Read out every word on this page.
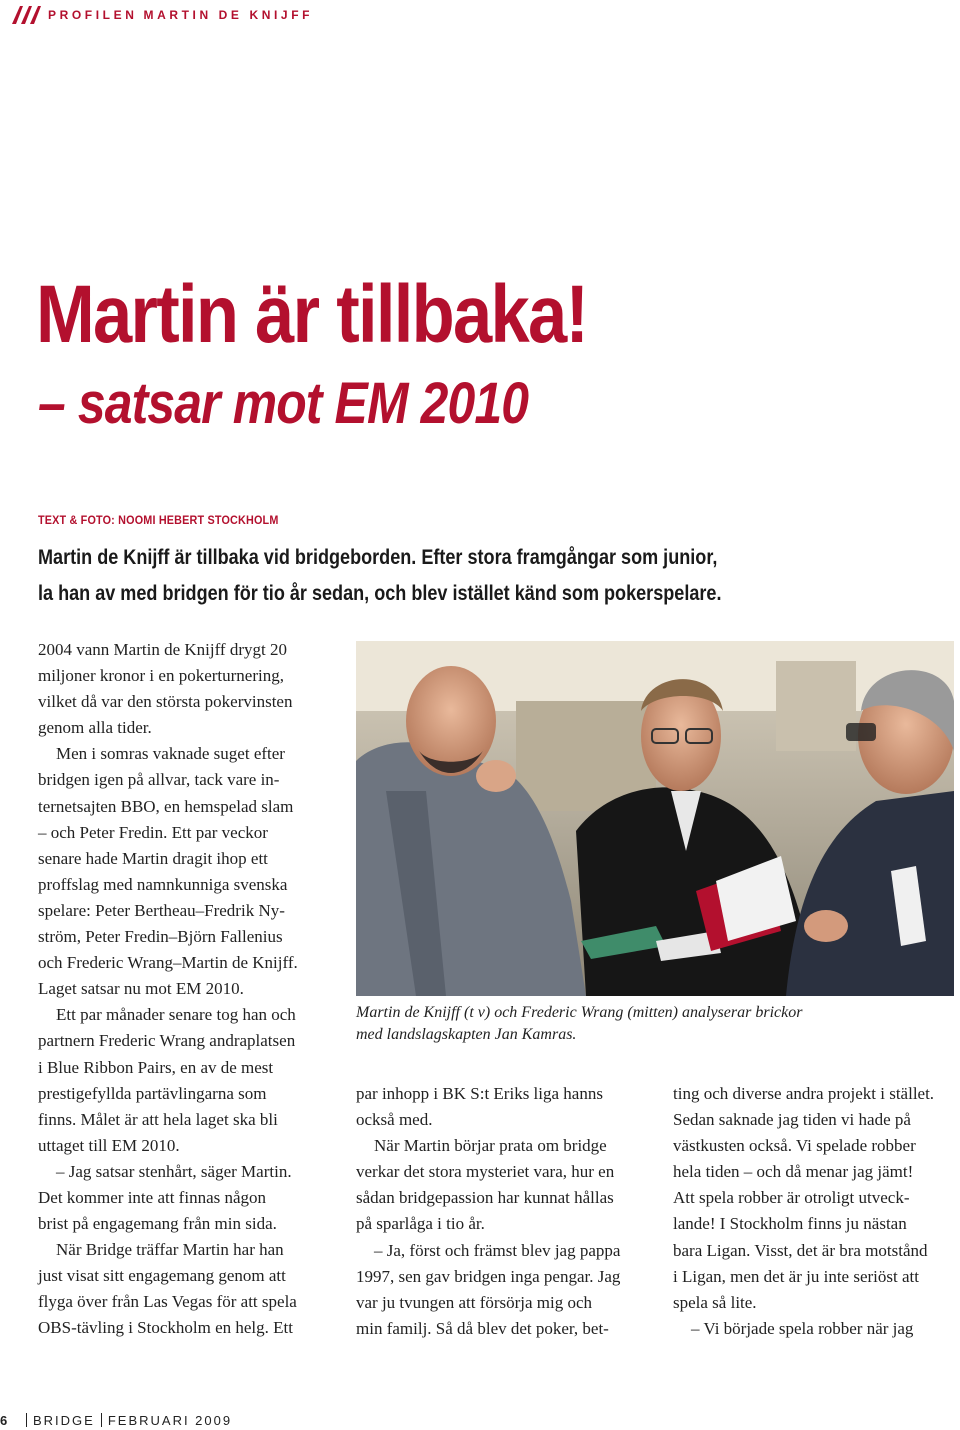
PROFILEN MARTIN DE KNIJFF
Martin är tillbaka!
– satsar mot EM 2010
TEXT & FOTO: NOOMI HEBERT STOCKHOLM

Martin de Knijff är tillbaka vid bridgeborden. Efter stora framgångar som junior,
la han av med bridgen för tio år sedan, och blev istället känd som pokerspelare.

2004 vann Martin de Knijff drygt 20
miljoner kronor i en pokerturnering,
vilket då var den största pokervinsten
genom alla tider.
Men i somras vaknade suget efter
bridgen igen på allvar, tack vare in-
ternetsajten BBO, en hemspelad slam
– och Peter Fredin. Ett par veckor
senare hade Martin dragit ihop ett
proffslag med namnkunniga svenska
spelare: Peter Bertheau–Fredrik Ny-
ström, Peter Fredin–Björn Fallenius
och Frederic Wrang–Martin de Knijff.
Laget satsar nu mot EM 2010.
Ett par månader senare tog han och
partnern Frederic Wrang andraplatsen
i Blue Ribbon Pairs, en av de mest
prestigefyllda partävlingarna som
finns. Målet är att hela laget ska bli
uttaget till EM 2010.
– Jag satsar stenhårt, säger Martin.
Det kommer inte att finnas någon
brist på engagemang från min sida.
När Bridge träffar Martin har han
just visat sitt engagemang genom att
flyga över från Las Vegas för att spela
OBS-tävling i Stockholm en helg. Ett
Martin de Knijff (t v) och Frederic Wrang (mitten) analyserar brickor
med landslagskapten Jan Kamras.
par inhopp i BK S:t Eriks liga hanns
också med.
När Martin börjar prata om bridge
verkar det stora mysteriet vara, hur en
sådan bridgepassion har kunnat hållas
på sparlåga i tio år.
– Ja, först och främst blev jag pappa
1997, sen gav bridgen inga pengar. Jag
var ju tvungen att försörja mig och
min familj. Så då blev det poker, bet-
ting och diverse andra projekt i stället.
Sedan saknade jag tiden vi hade på
västkusten också. Vi spelade robber
hela tiden – och då menar jag jämt!
Att spela robber är otroligt utveck-
lande! I Stockholm finns ju nästan
bara Ligan. Visst, det är bra motstånd
i Ligan, men det är ju inte seriöst att
spela så lite.
– Vi började spela robber när jag
6	BRIDGE FEBRUARI 2009
